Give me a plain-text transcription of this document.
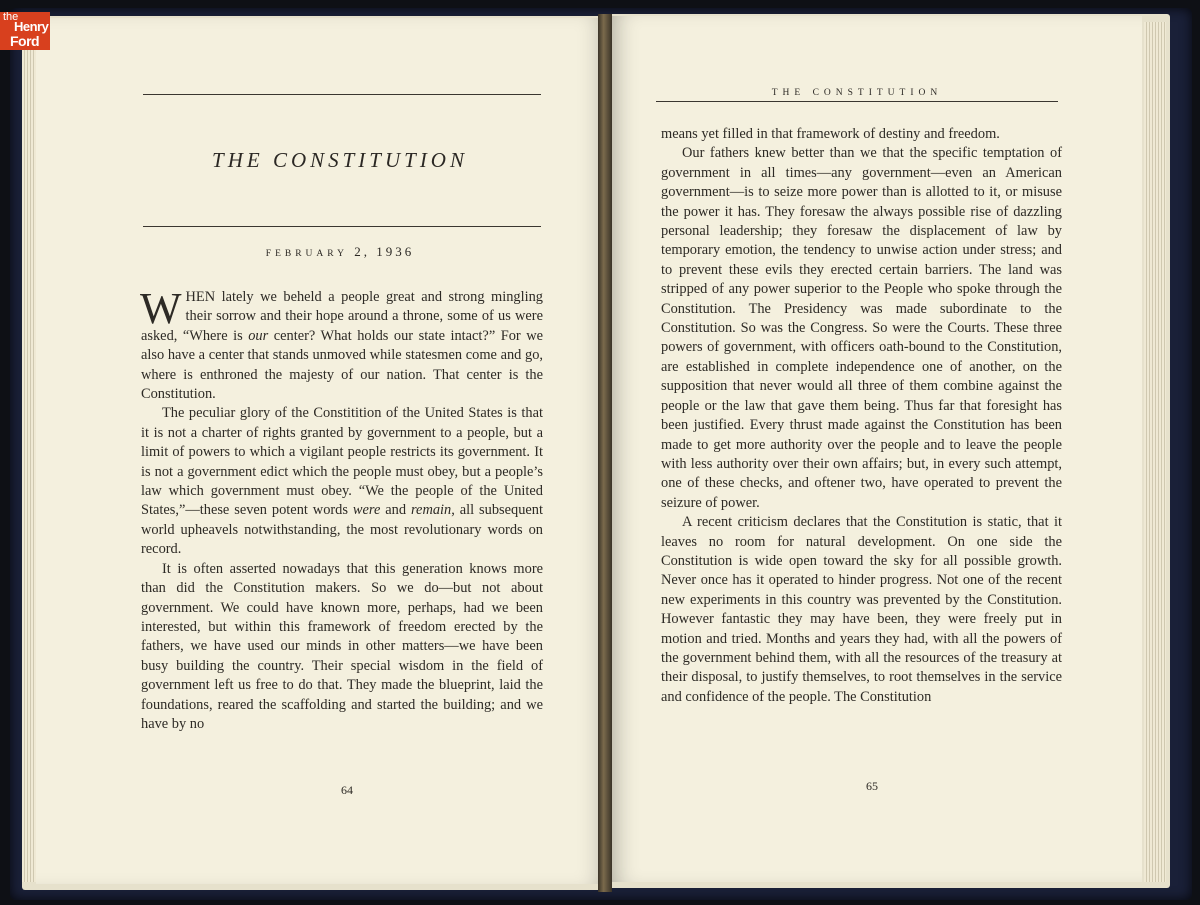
the
Henry
Ford
THE CONSTITUTION
FEBRUARY 2, 1936
W HEN lately we beheld a people great and strong mingling their sorrow and their hope around a throne, some of us were asked, “Where is our center? What holds our state intact?” For we also have a center that stands unmoved while statesmen come and go, where is enthroned the majesty of our nation. That center is the Constitution.

The peculiar glory of the Constitition of the United States is that it is not a charter of rights granted by government to a people, but a limit of powers to which a vigilant people restricts its government. It is not a government edict which the people must obey, but a people’s law which government must obey. “We the people of the United States,”—these seven potent words were and remain, all subsequent world upheavels notwithstanding, the most revolutionary words on record.

It is often asserted nowadays that this generation knows more than did the Constitution makers. So we do—but not about government. We could have known more, perhaps, had we been interested, but within this framework of freedom erected by the fathers, we have used our minds in other matters—we have been busy building the country. Their special wisdom in the field of government left us free to do that. They made the blueprint, laid the foundations, reared the scaffolding and started the building; and we have by no

64
THE CONSTITUTION

means yet filled in that framework of destiny and freedom.

Our fathers knew better than we that the specific temptation of government in all times—any government—even an American government—is to seize more power than is allotted to it, or misuse the power it has. They foresaw the always possible rise of dazzling personal leadership; they foresaw the displacement of law by temporary emotion, the tendency to unwise action under stress; and to prevent these evils they erected certain barriers. The land was stripped of any power superior to the People who spoke through the Constitution. The Presidency was made subordinate to the Constitution. So was the Congress. So were the Courts. These three powers of government, with officers oath-bound to the Constitution, are established in complete independence one of another, on the supposition that never would all three of them combine against the people or the law that gave them being. Thus far that foresight has been justified. Every thrust made against the Constitution has been made to get more authority over the people and to leave the people with less authority over their own affairs; but, in every such attempt, one of these checks, and oftener two, have operated to prevent the seizure of power.

A recent criticism declares that the Constitution is static, that it leaves no room for natural development. On one side the Constitution is wide open toward the sky for all possible growth. Never once has it operated to hinder progress. Not one of the recent new experiments in this country was prevented by the Constitution. However fantastic they may have been, they were freely put in motion and tried. Months and years they had, with all the powers of the government behind them, with all the resources of the treasury at their disposal, to justify themselves, to root themselves in the service and confidence of the people. The Constitution

65
